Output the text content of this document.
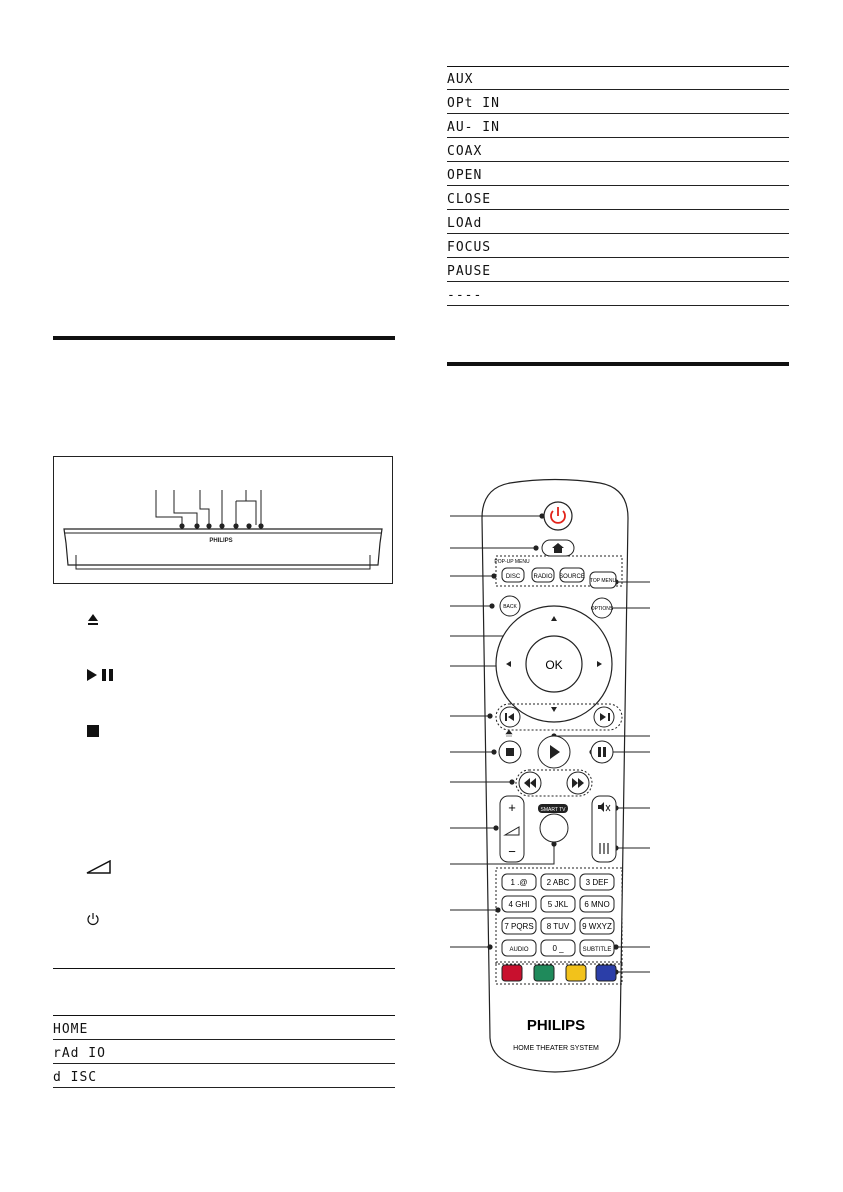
AUX
OPt IN
AU- IN
COAX
OPEN
CLOSE
LOAd
FOCUS
PAUSE
----
PHILIPS
HOME
rAd IO
d ISC
POP-UP MENU
DISC RADIO SOURCE
TOP MENU
BACK	OPTIONS
OK
+
−
SMART TV
1 .@ 2 ABC 3 DEF
4 GHI 5 JKL 6 MNO
7 PQRS 8 TUV 9 WXYZ
AUDIO	0 _	SUBTITLE
PHILIPS
HOME THEATER SYSTEM
